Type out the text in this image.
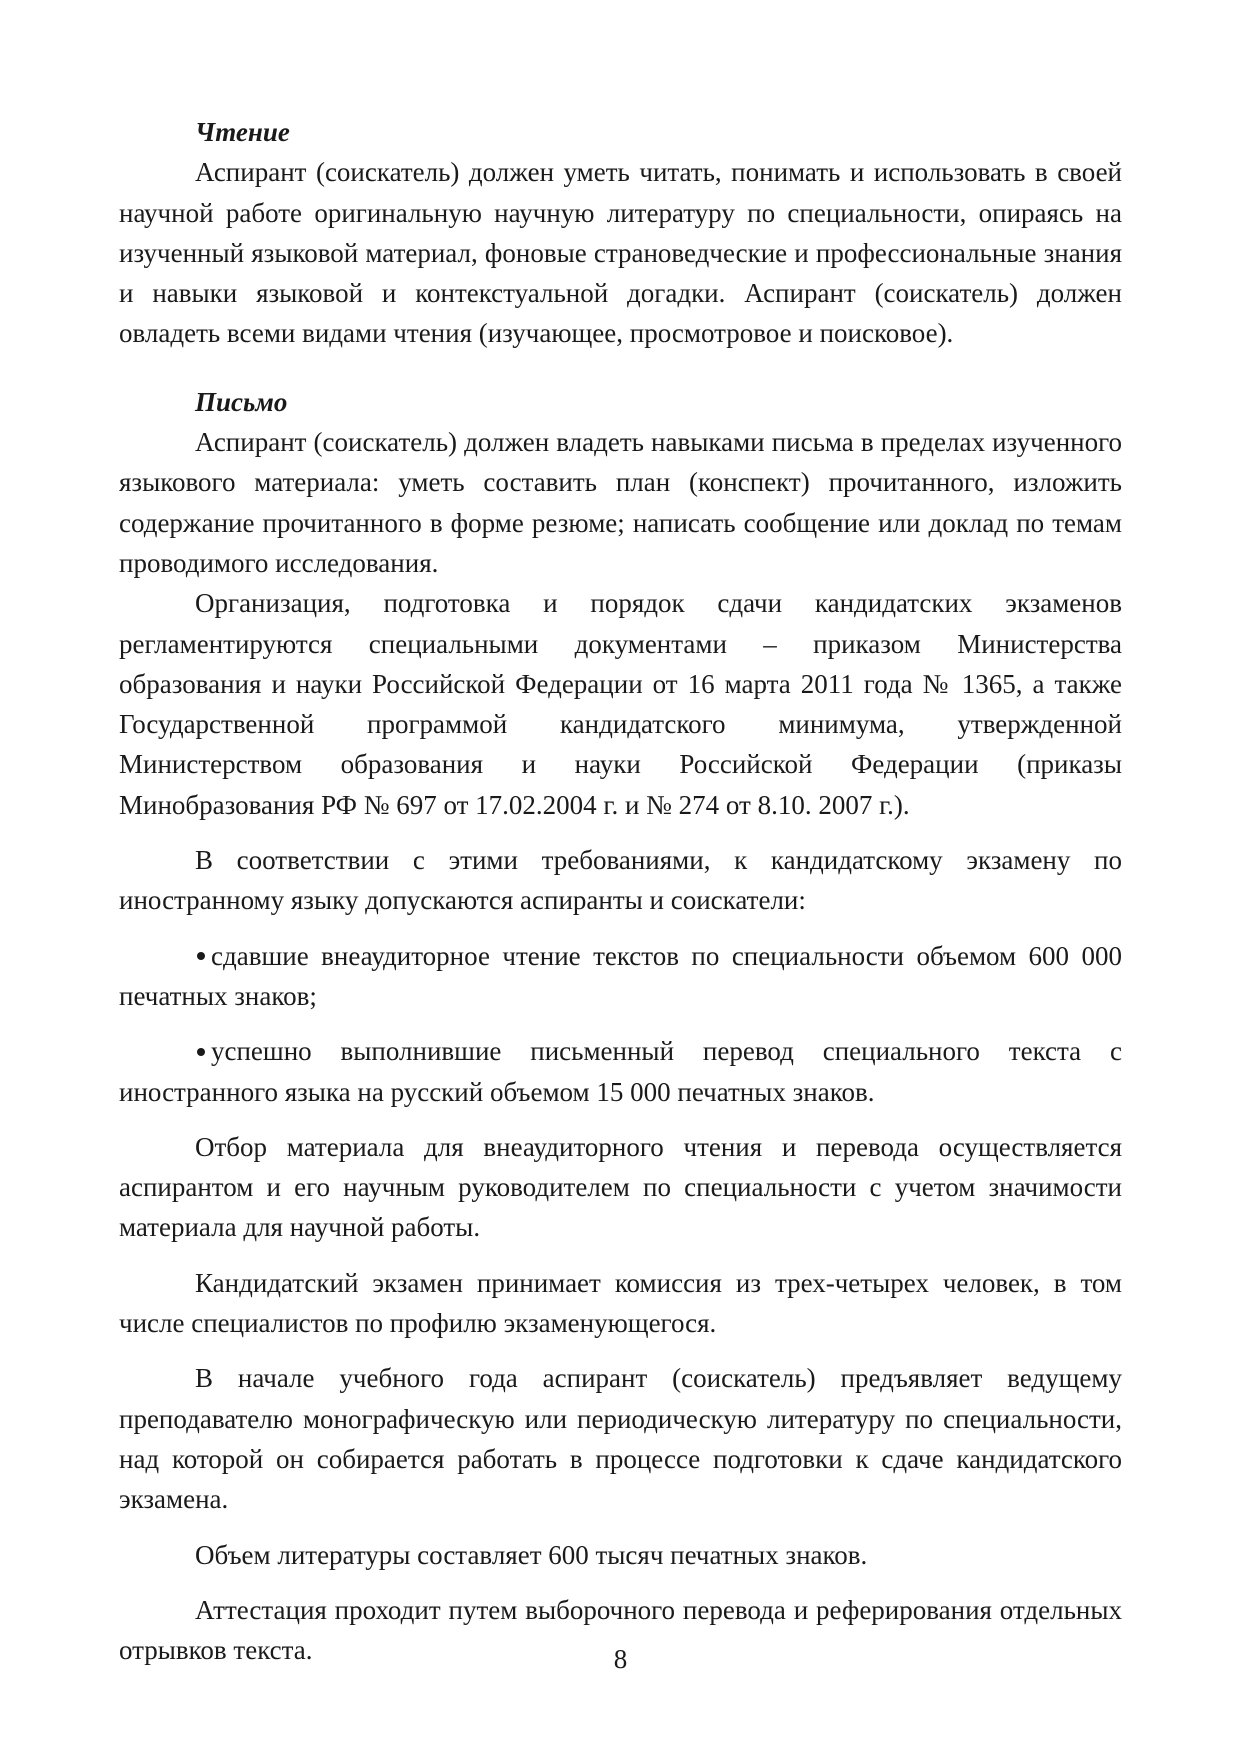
Чтение

Аспирант (соискатель) должен уметь читать, понимать и использовать в своей научной работе оригинальную научную литературу по специальности, опираясь на изученный языковой материал, фоновые страноведческие и профессиональные знания и навыки языковой и контекстуальной догадки. Аспирант (соискатель) должен овладеть всеми видами чтения (изучающее, просмотровое и поисковое).

Письмо

Аспирант (соискатель) должен владеть навыками письма в пределах изученного языкового материала: уметь составить план (конспект) прочитанного, изложить содержание прочитанного в форме резюме; написать сообщение или доклад по темам проводимого исследования.

Организация, подготовка и порядок сдачи кандидатских экзаменов регламентируются специальными документами – приказом Министерства образования и науки Российской Федерации от 16 марта 2011 года № 1365, а также Государственной программой кандидатского минимума, утвержденной Министерством образования и науки Российской Федерации (приказы Минобразования РФ № 697 от 17.02.2004 г. и № 274 от 8.10. 2007 г.).

В соответствии с этими требованиями, к кандидатскому экзамену по иностранному языку допускаются аспиранты и соискатели:

сдавшие внеаудиторное чтение текстов по специальности объемом 600 000 печатных знаков;

успешно выполнившие письменный перевод специального текста с иностранного языка на русский объемом 15 000 печатных знаков.

Отбор материала для внеаудиторного чтения и перевода осуществляется аспирантом и его научным руководителем по специальности с учетом значимости материала для научной работы.

Кандидатский экзамен принимает комиссия из трех-четырех человек, в том числе специалистов по профилю экзаменующегося.

В начале учебного года аспирант (соискатель) предъявляет ведущему преподавателю монографическую или периодическую литературу по специальности, над которой он собирается работать в процессе подготовки к сдаче кандидатского экзамена.

Объем литературы составляет 600 тысяч печатных знаков.

Аттестация проходит путем выборочного перевода и реферирования отдельных отрывков текста.	8
